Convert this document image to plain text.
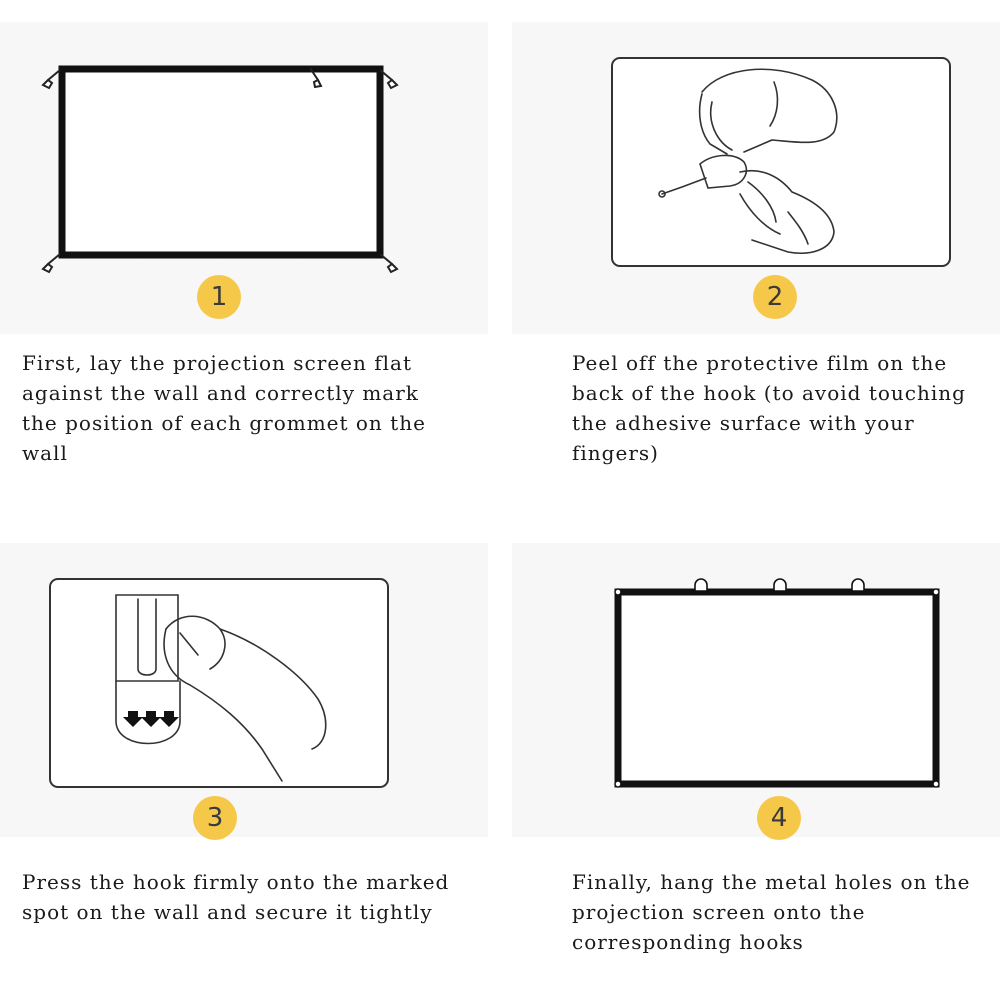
1
First, lay the projection screen flat against the wall and correctly mark the position of each grommet on the wall
2
Peel off the protective film on the back of the hook (to avoid touching the adhesive surface with your fingers)
3
Press the hook firmly onto the marked spot on the wall and secure it tightly
4
Finally, hang the metal holes on the projection screen onto the corresponding hooks
